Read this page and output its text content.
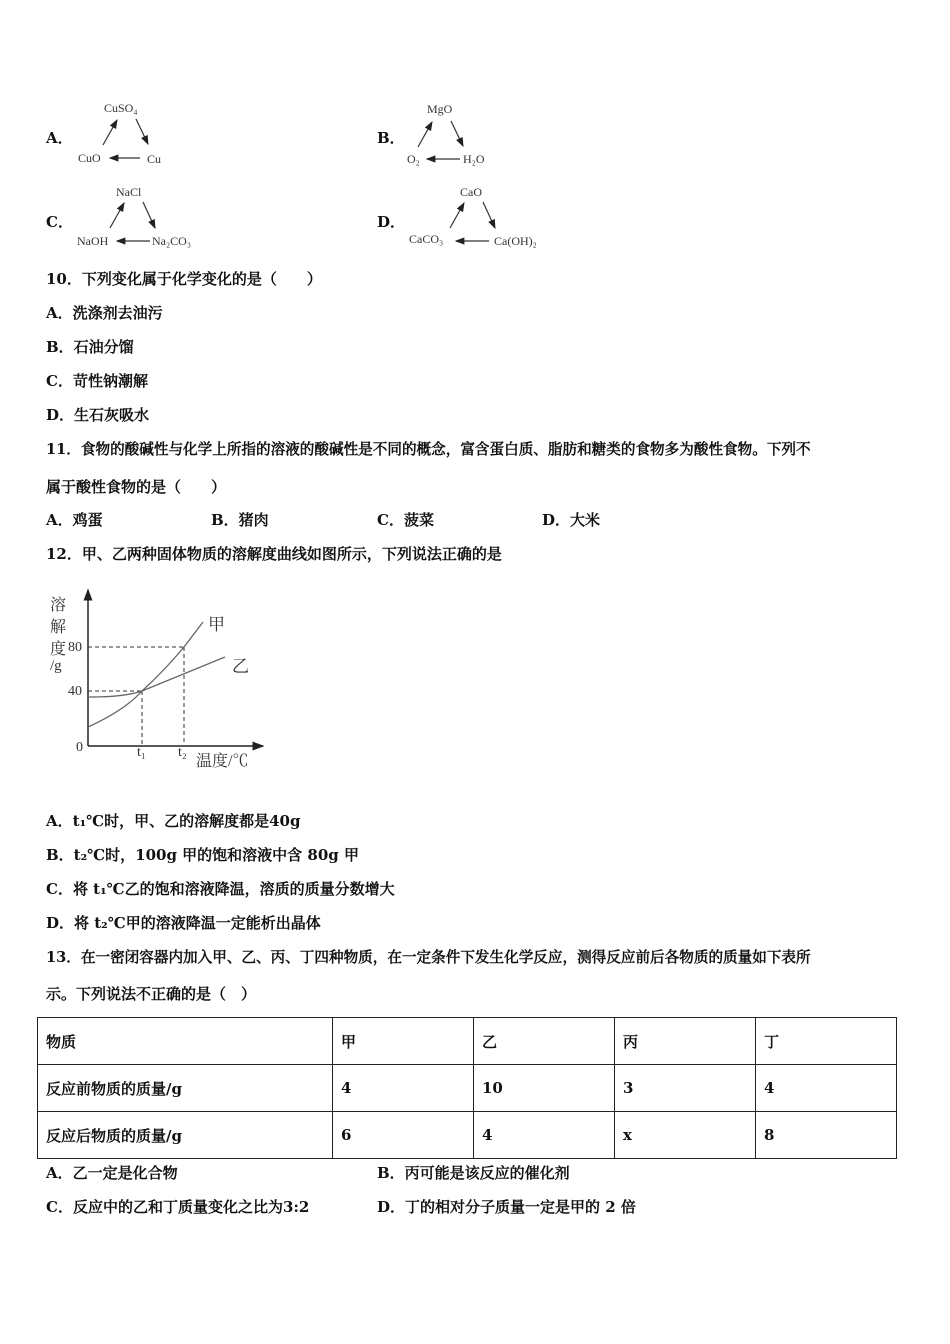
A．
CuSO₄
CuO	Cu
B．
MgO
O₂	H₂O
C．
NaCl
NaOH	Na₂CO₃
D．
CaO
CaCO₃	Ca(OH)₂
10．下列变化属于化学变化的是（　　）
A．洗涤剂去油污
B．石油分馏
C．苛性钠潮解
D．生石灰吸水
11．食物的酸碱性与化学上所指的溶液的酸碱性是不同的概念，富含蛋白质、脂肪和糖类的食物多为酸性食物。下列不
属于酸性食物的是（　　）
A．鸡蛋	B．猪肉	C．菠菜	D．大米
12．甲、乙两种固体物质的溶解度曲线如图所示，下列说法正确的是
溶
解
度
/g
80
40
0	t₁ t₂
温度/℃
甲
乙
A．t₁℃时，甲、乙的溶解度都是40g
B．t₂℃时，100g 甲的饱和溶液中含 80g 甲
C．将 t₁℃乙的饱和溶液降温，溶质的质量分数增大
D．将 t₂℃甲的溶液降温一定能析出晶体
13．在一密闭容器内加入甲、乙、丙、丁四种物质，在一定条件下发生化学反应，测得反应前后各物质的质量如下表所
示。下列说法不正确的是（　）
物质	甲	乙	丙	丁
反应前物质的质量/g	4	10	3	4
反应后物质的质量/g	6	4	x	8
A．乙一定是化合物	B．丙可能是该反应的催化剂
C．反应中的乙和丁质量变化之比为3:2	D．丁的相对分子质量一定是甲的 2 倍
